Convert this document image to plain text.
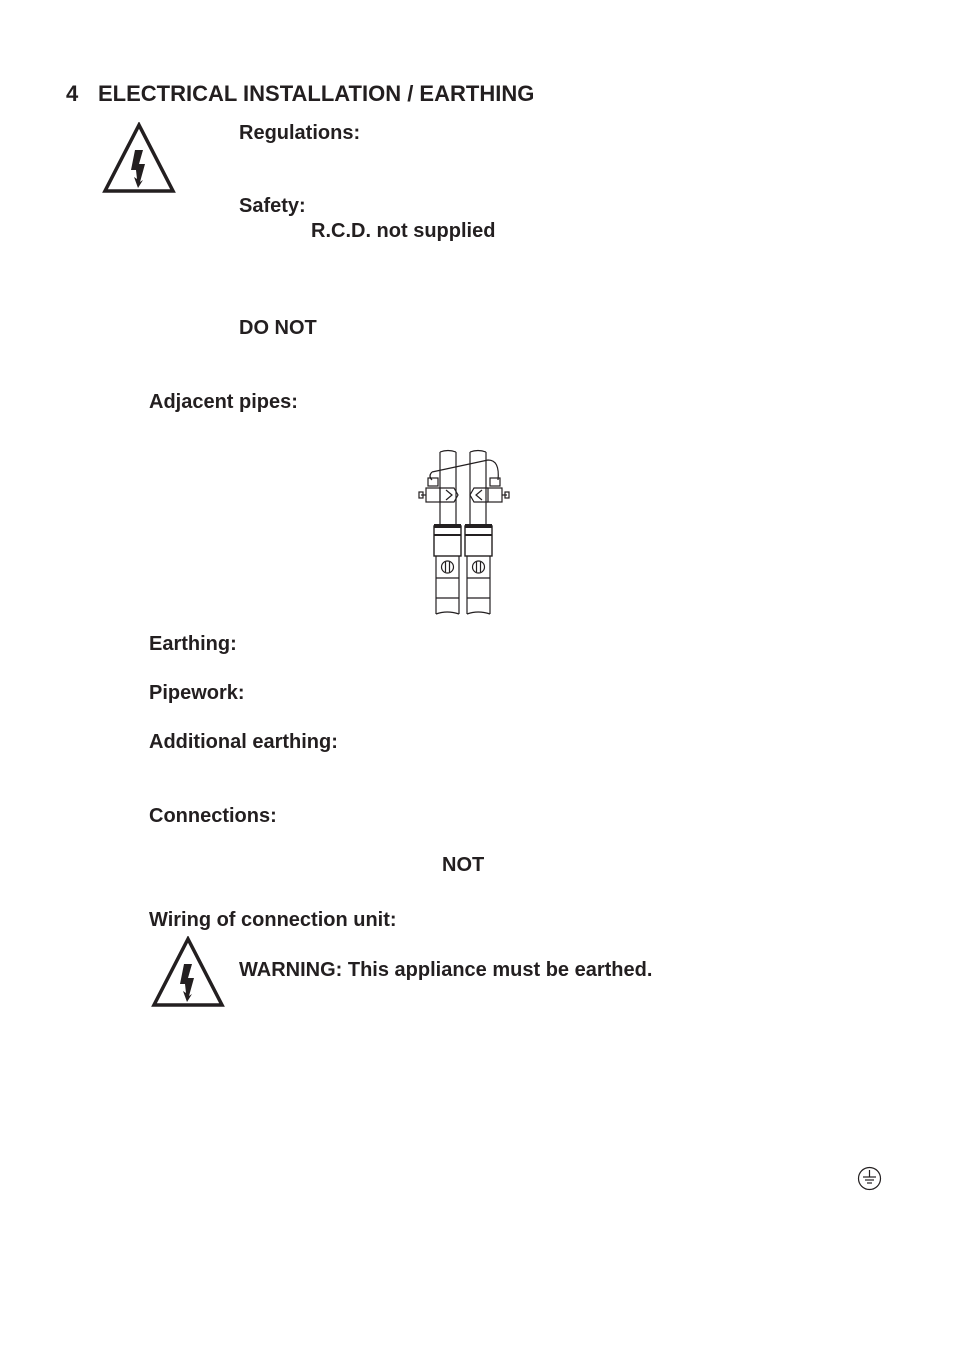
4 ELECTRICAL INSTALLATION / EARTHING
Regulations:
Safety:
R.C.D. not supplied
DO NOT
Adjacent pipes:
Earthing:
Pipework:
Additional earthing:
Connections:
NOT
Wiring of connection unit:
WARNING: This appliance must be earthed.
